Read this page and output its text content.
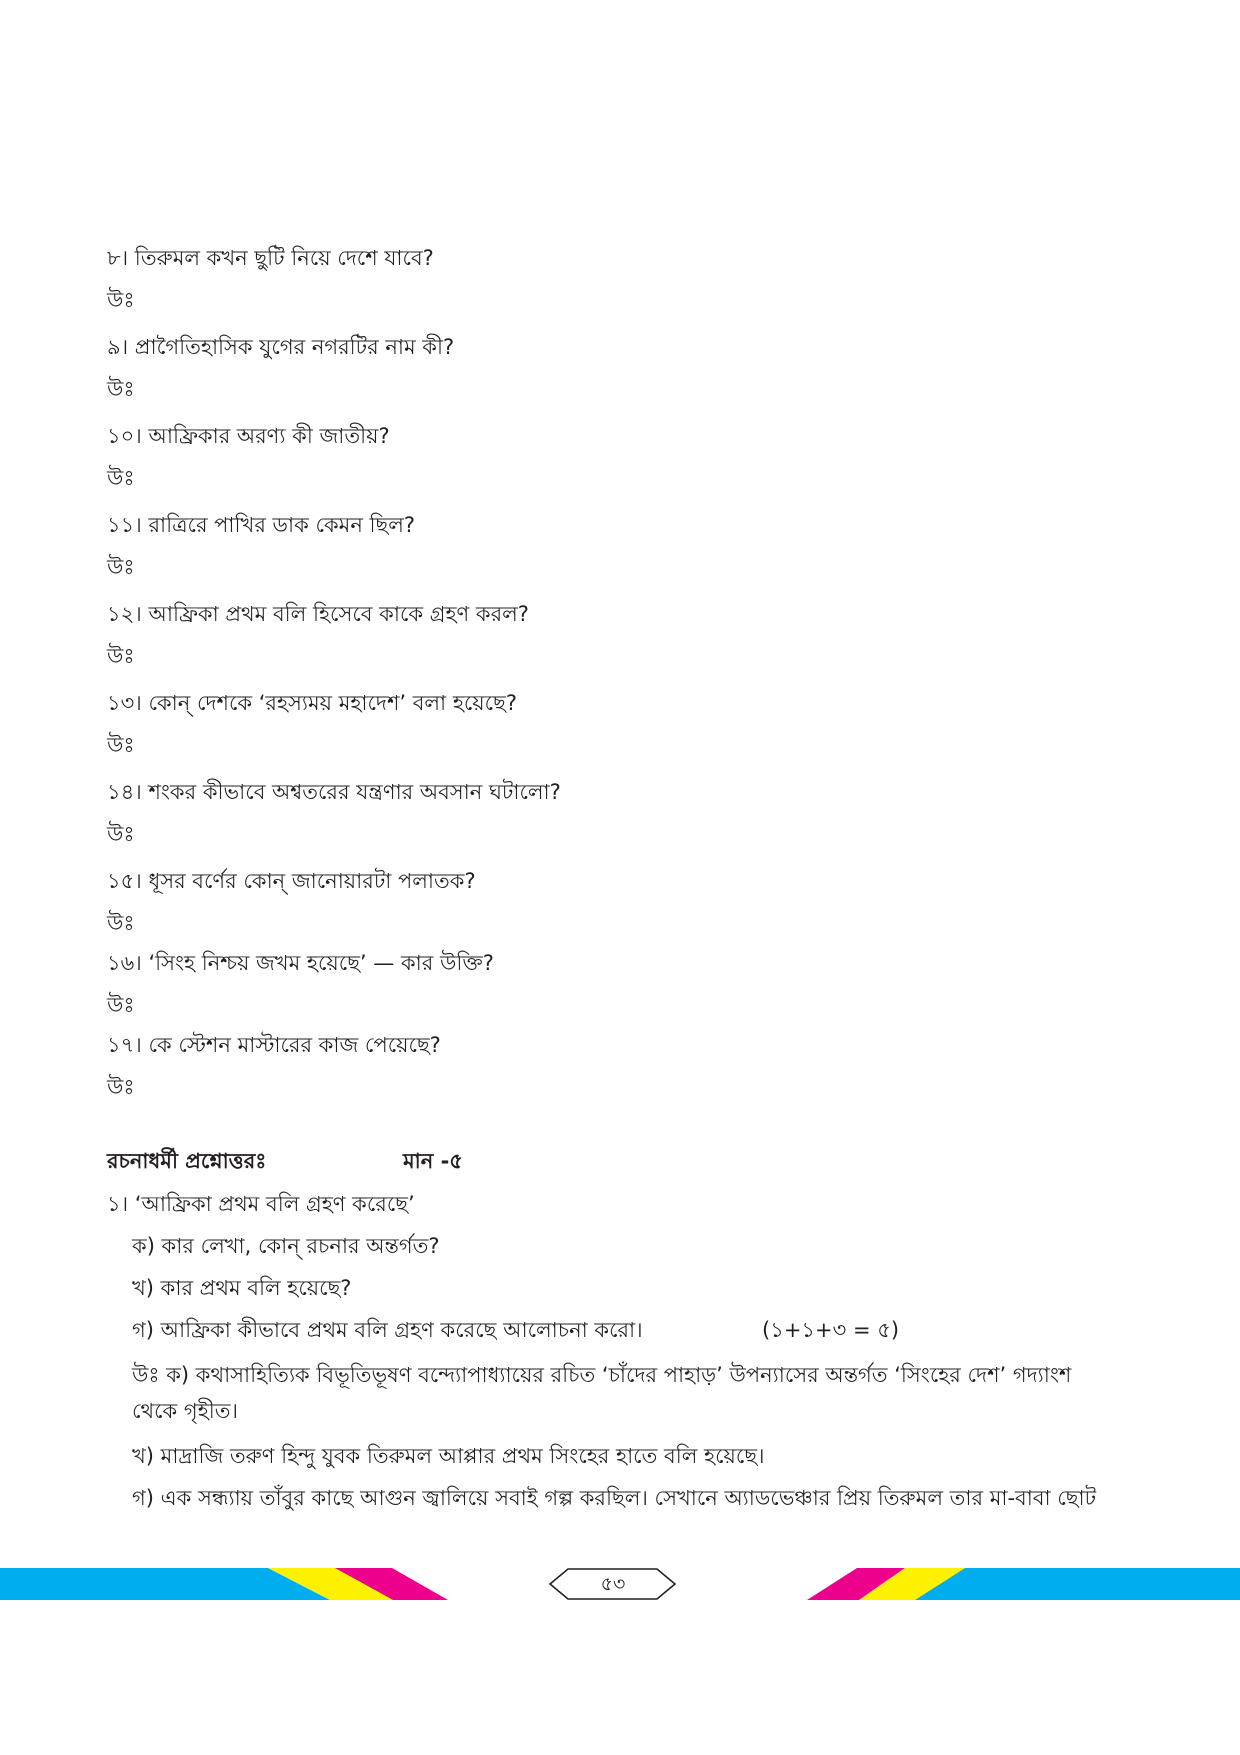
৮। তিরুমল কখন ছুটি নিয়ে দেশে যাবে?
উঃ
৯। প্রাগৈতিহাসিক যুগের নগরটির নাম কী?
উঃ
১০। আফ্রিকার অরণ্য কী জাতীয়?
উঃ
১১। রাত্রিরে পাখির ডাক কেমন ছিল?
উঃ
১২। আফ্রিকা প্রথম বলি হিসেবে কাকে গ্রহণ করল?
উঃ
১৩। কোন্ দেশকে ‘রহস্যময় মহাদেশ’ বলা হয়েছে?
উঃ
১৪। শংকর কীভাবে অশ্বতরের যন্ত্রণার অবসান ঘটালো?
উঃ
১৫। ধূসর বর্ণের কোন্ জানোয়ারটা পলাতক?
উঃ
১৬। ‘সিংহ নিশ্চয় জখম হয়েছে’ — কার উক্তি?
উঃ
১৭। কে স্টেশন মাস্টারের কাজ পেয়েছে?
উঃ
রচনাধর্মী প্রশ্নোত্তরঃ	মান -৫
১। ‘আফ্রিকা প্রথম বলি গ্রহণ করেছে’
ক) কার লেখা, কোন্ রচনার অন্তর্গত?
খ) কার প্রথম বলি হয়েছে?
গ) আফ্রিকা কীভাবে প্রথম বলি গ্রহণ করেছে আলোচনা করো।	(১+১+৩ = ৫)
উঃ ক) কথাসাহিত্যিক বিভূতিভূষণ বন্দ্যোপাধ্যায়ের রচিত ‘চাঁদের পাহাড়’ উপন্যাসের অন্তর্গত ‘সিংহের দেশ’ গদ্যাংশ থেকে গৃহীত।
খ) মাদ্রাজি তরুণ হিন্দু যুবক তিরুমল আপ্পার প্রথম সিংহের হাতে বলি হয়েছে।
গ) এক সন্ধ্যায় তাঁবুর কাছে আগুন জ্বালিয়ে সবাই গল্প করছিল। সেখানে অ্যাডভেঞ্চার প্রিয় তিরুমল তার মা-বাবা ছোট
৫৩
